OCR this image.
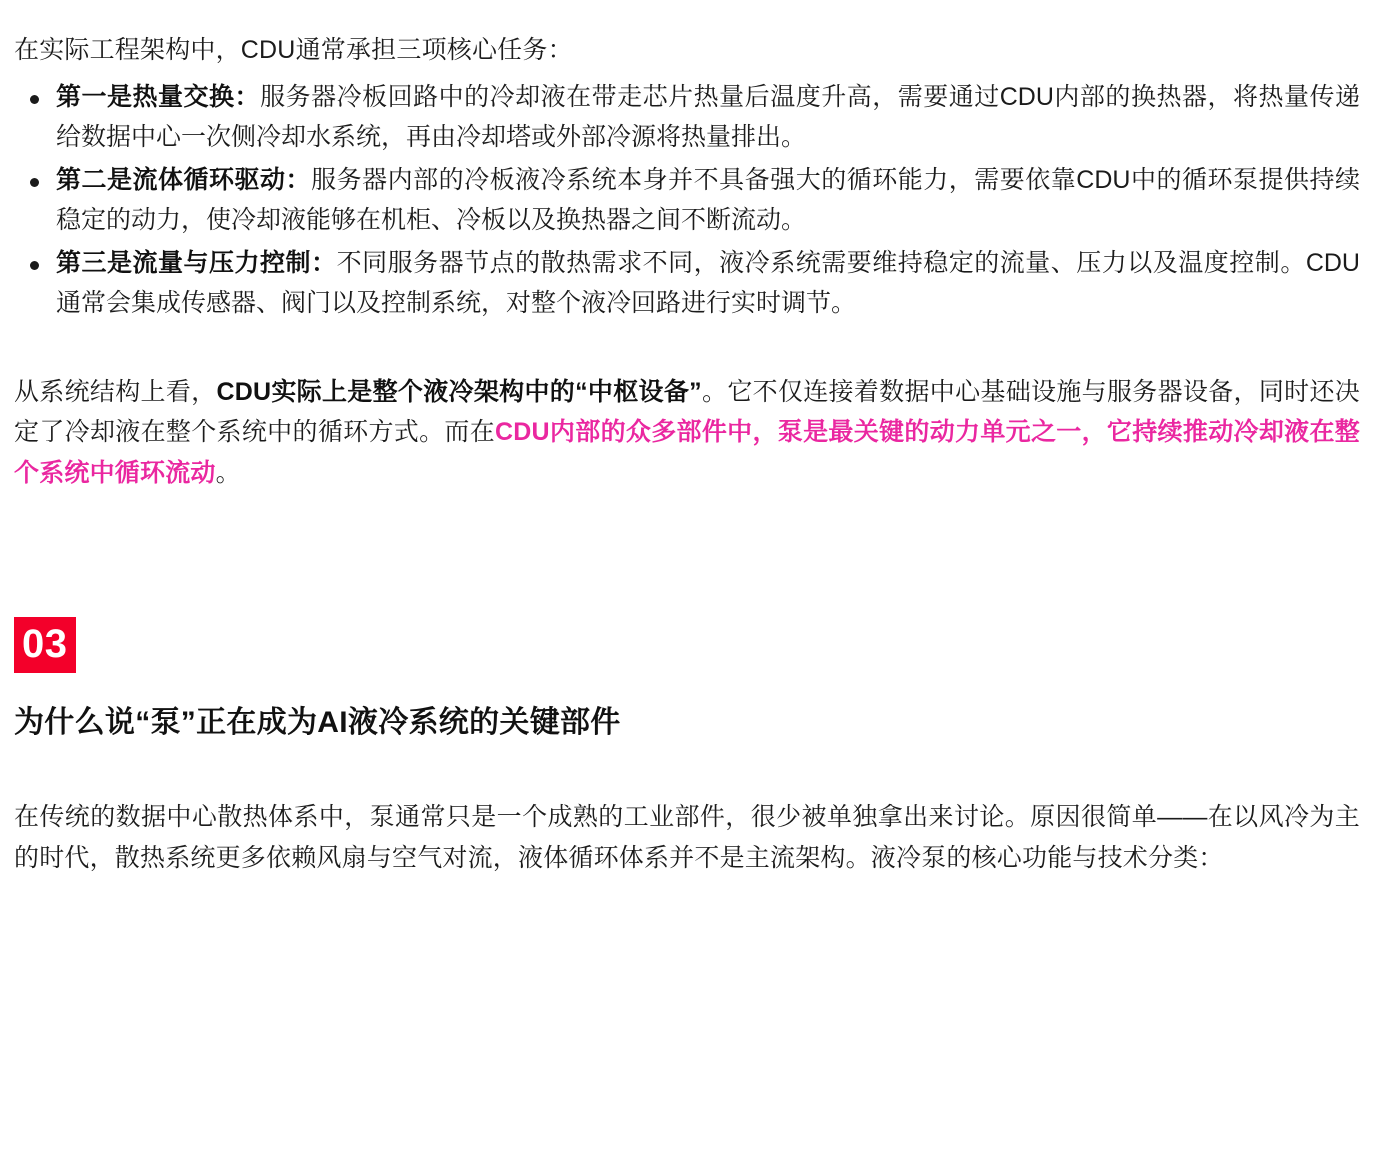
在实际工程架构中，CDU通常承担三项核心任务：

第一是热量交换：服务器冷板回路中的冷却液在带走芯片热量后温度升高，需要通过CDU内部的换热器，将热量传递给数据中心一次侧冷却水系统，再由冷却塔或外部冷源将热量排出。
第二是流体循环驱动：服务器内部的冷板液冷系统本身并不具备强大的循环能力，需要依靠CDU中的循环泵提供持续稳定的动力，使冷却液能够在机柜、冷板以及换热器之间不断流动。
第三是流量与压力控制：不同服务器节点的散热需求不同，液冷系统需要维持稳定的流量、压力以及温度控制。CDU通常会集成传感器、阀门以及控制系统，对整个液冷回路进行实时调节。

从系统结构上看，CDU实际上是整个液冷架构中的“中枢设备”。它不仅连接着数据中心基础设施与服务器设备，同时还决定了冷却液在整个系统中的循环方式。而在CDU内部的众多部件中，泵是最关键的动力单元之一，它持续推动冷却液在整个系统中循环流动。

03
为什么说“泵”正在成为AI液冷系统的关键部件

在传统的数据中心散热体系中，泵通常只是一个成熟的工业部件，很少被单独拿出来讨论。原因很简单——在以风冷为主的时代，散热系统更多依赖风扇与空气对流，液体循环体系并不是主流架构。液冷泵的核心功能与技术分类：
